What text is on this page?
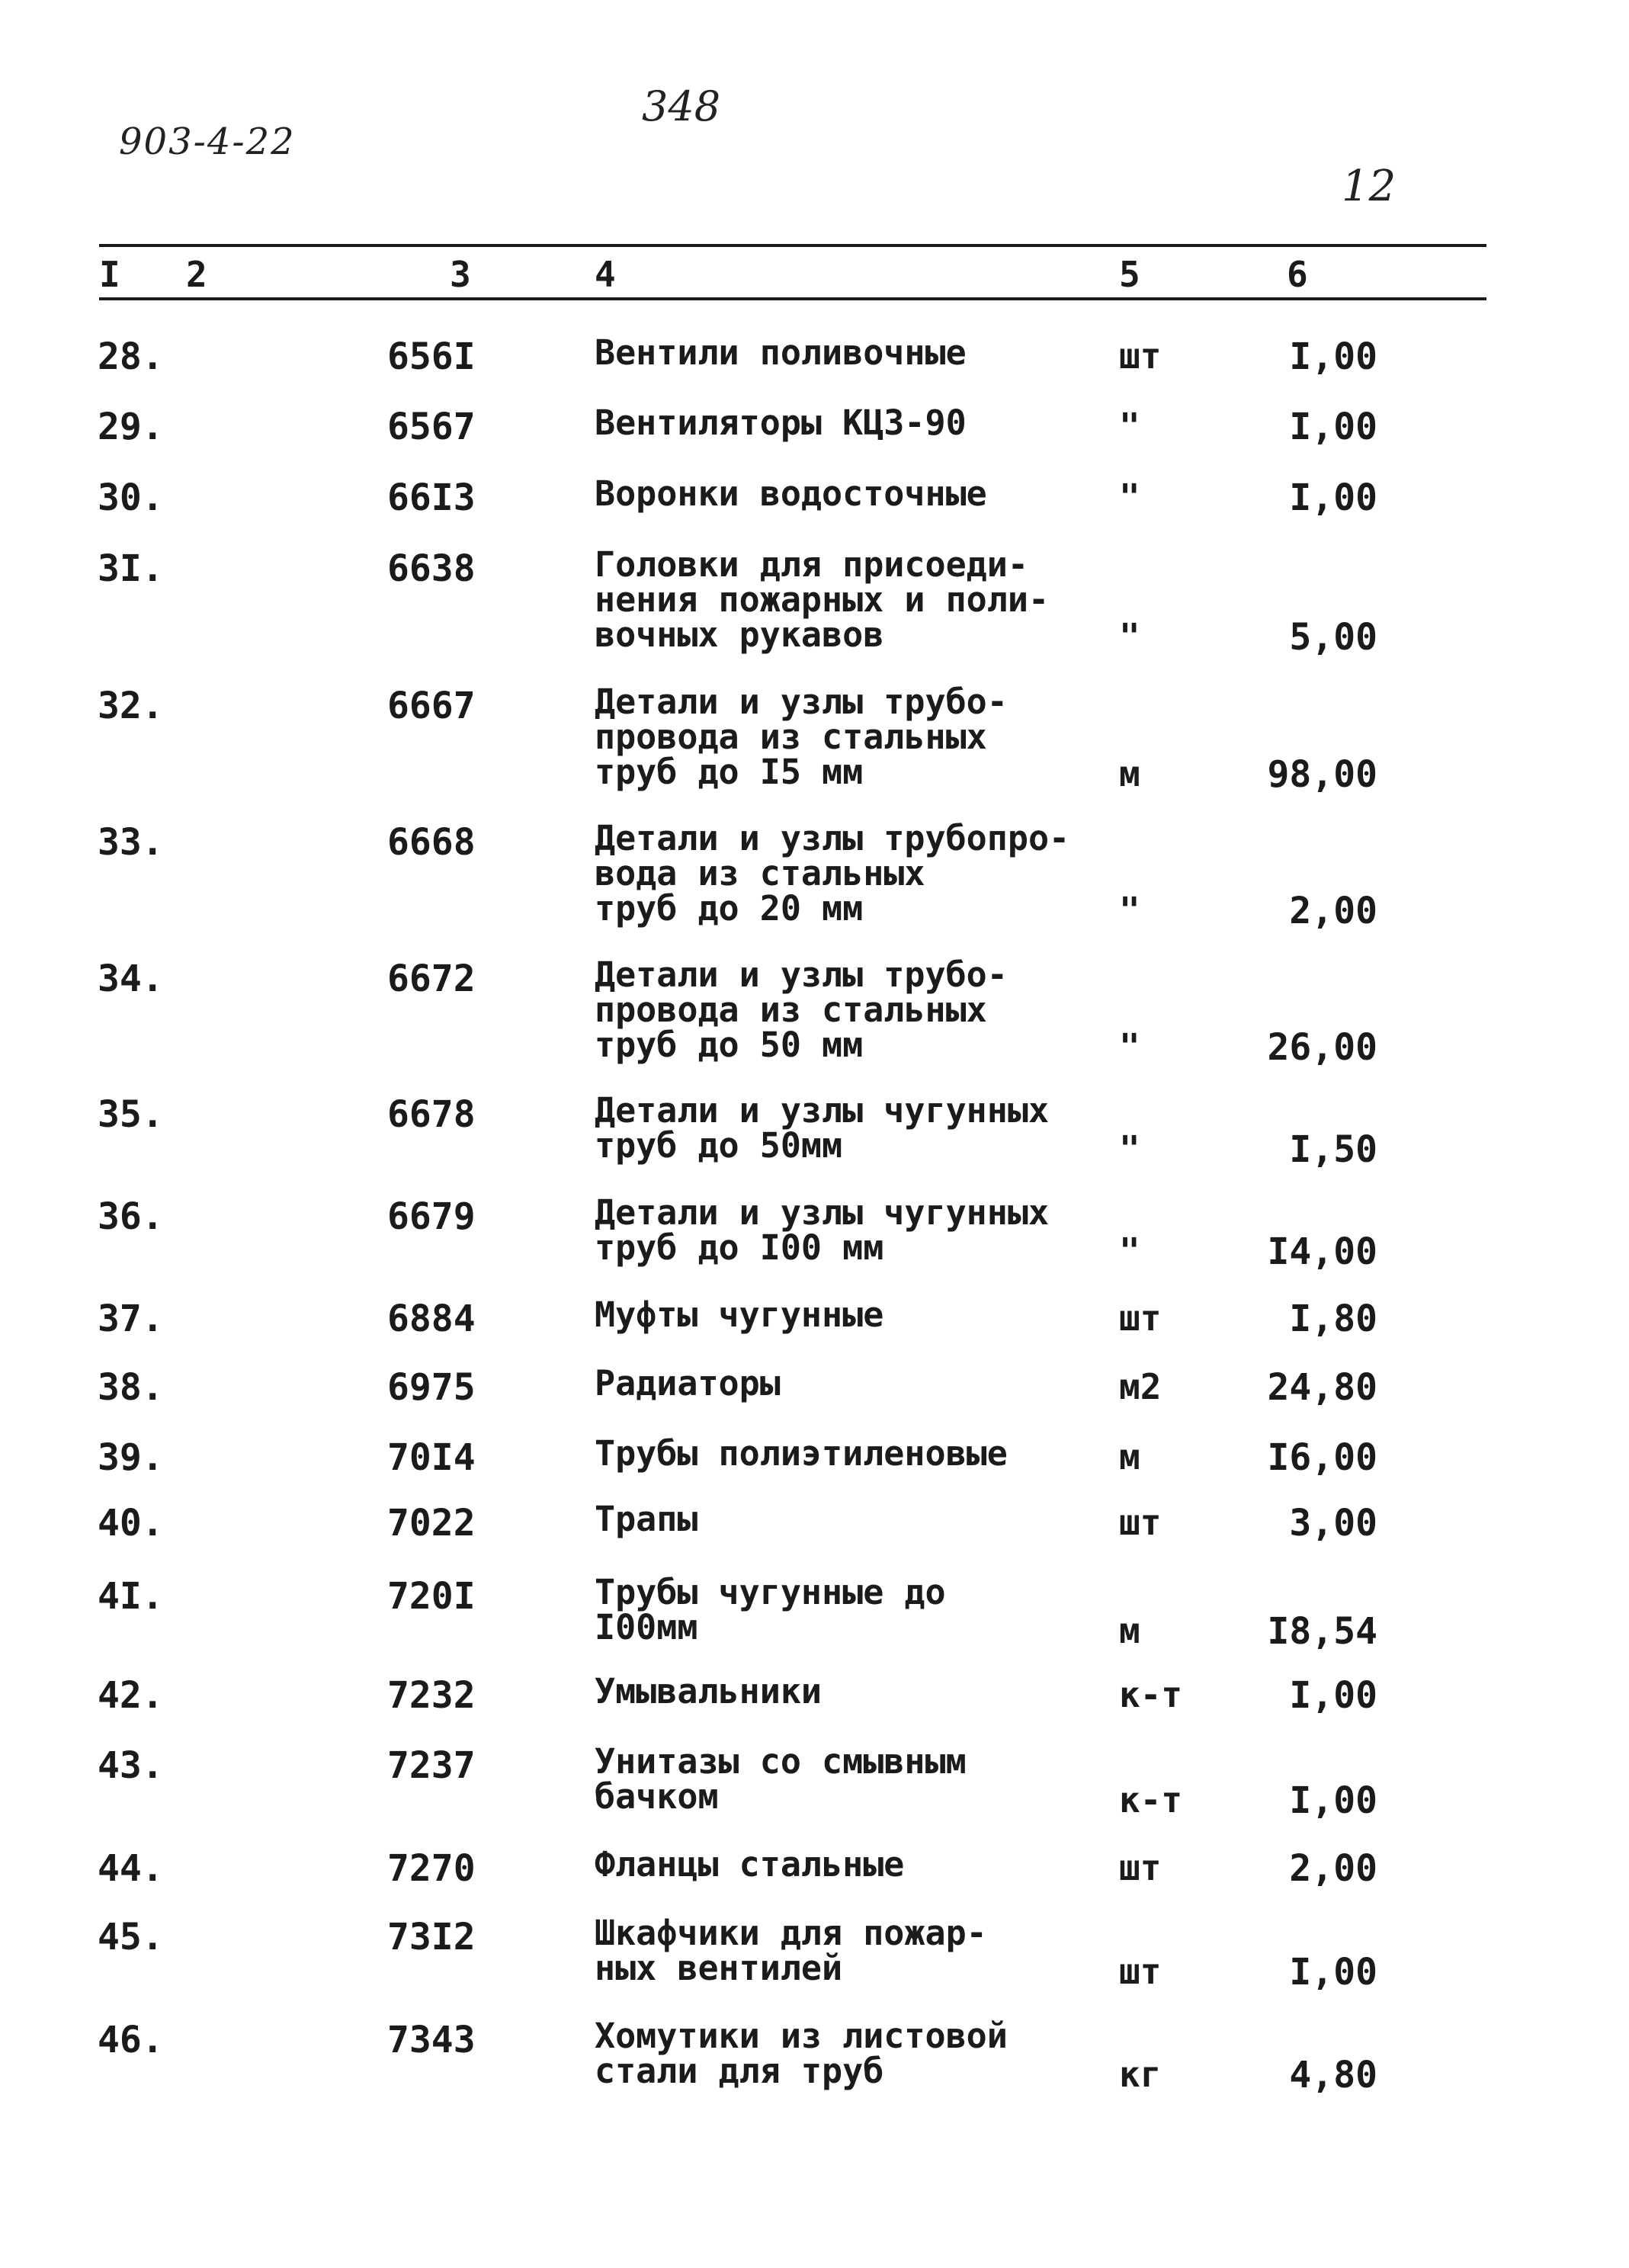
903-4-22
348
12
I 2	3	4	5	6
28.	656I	Вентили поливочные	шт	I,00
29.	6567	Вентиляторы КЦЗ-90	"	I,00
30.	66I3	Воронки водосточные	"	I,00
3I.	6638	Головки для присоеди-
нения пожарных и поли-
вочных рукавов	"	5,00
32.	6667	Детали и узлы трубо-
провода из стальных
труб до I5 мм	м	98,00
33.	6668	Детали и узлы трубопро-
вода из стальных
труб до 20 мм	"	2,00
34.	6672	Детали и узлы трубо-
провода из стальных
труб до 50 мм	"	26,00
35.	6678	Детали и узлы чугунных
труб до 50мм	"	I,50
36.	6679	Детали и узлы чугунных
труб до I00 мм	"	I4,00
37.	6884	Муфты чугунные	шт	I,80
38.	6975	Радиаторы	м2	24,80
39.	70I4	Трубы полиэтиленовые	м	I6,00
40.	7022	Трапы	шт	3,00
4I.	720I	Трубы чугунные до
I00мм	м	I8,54
42.	7232	Умывальники	к-т	I,00
43.	7237	Унитазы со смывным
бачком	к-т	I,00
44.	7270	Фланцы стальные	шт	2,00
45.	73I2	Шкафчики для пожар-
ных вентилей	шт	I,00
46.	7343	Хомутики из листовой
стали для труб	кг	4,80
